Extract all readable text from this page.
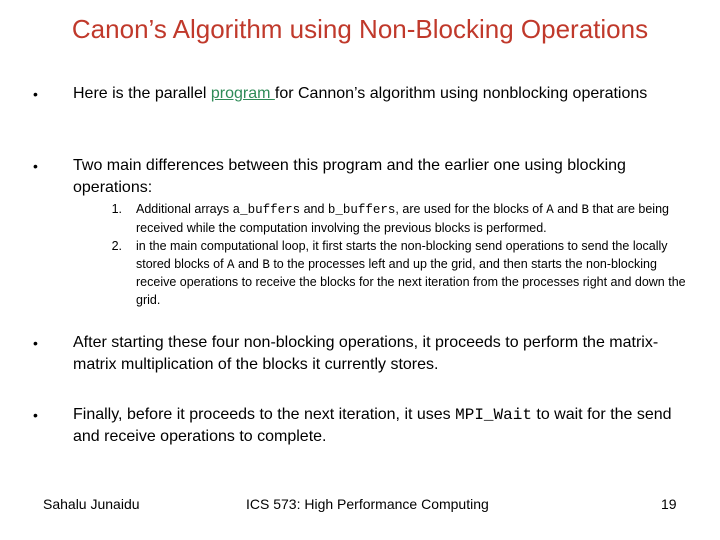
Canon’s Algorithm using Non-Blocking Operations
• Here is the parallel program for Cannon’s algorithm using nonblocking operations
• Two main differences between this program and the earlier one using blocking operations:
1. Additional arrays a_buffers and b_buffers, are used for the blocks of A and B that are being received while the computation involving the previous blocks is performed.
2. in the main computational loop, it first starts the non-blocking send operations to send the locally stored blocks of A and B to the processes left and up the grid, and then starts the non-blocking receive operations to receive the blocks for the next iteration from the processes right and down the grid.
• After starting these four non-blocking operations, it proceeds to perform the matrix-matrix multiplication of the blocks it currently stores.
• Finally, before it proceeds to the next iteration, it uses MPI_Wait to wait for the send and receive operations to complete.
Sahalu Junaidu	ICS 573: High Performance Computing	19
